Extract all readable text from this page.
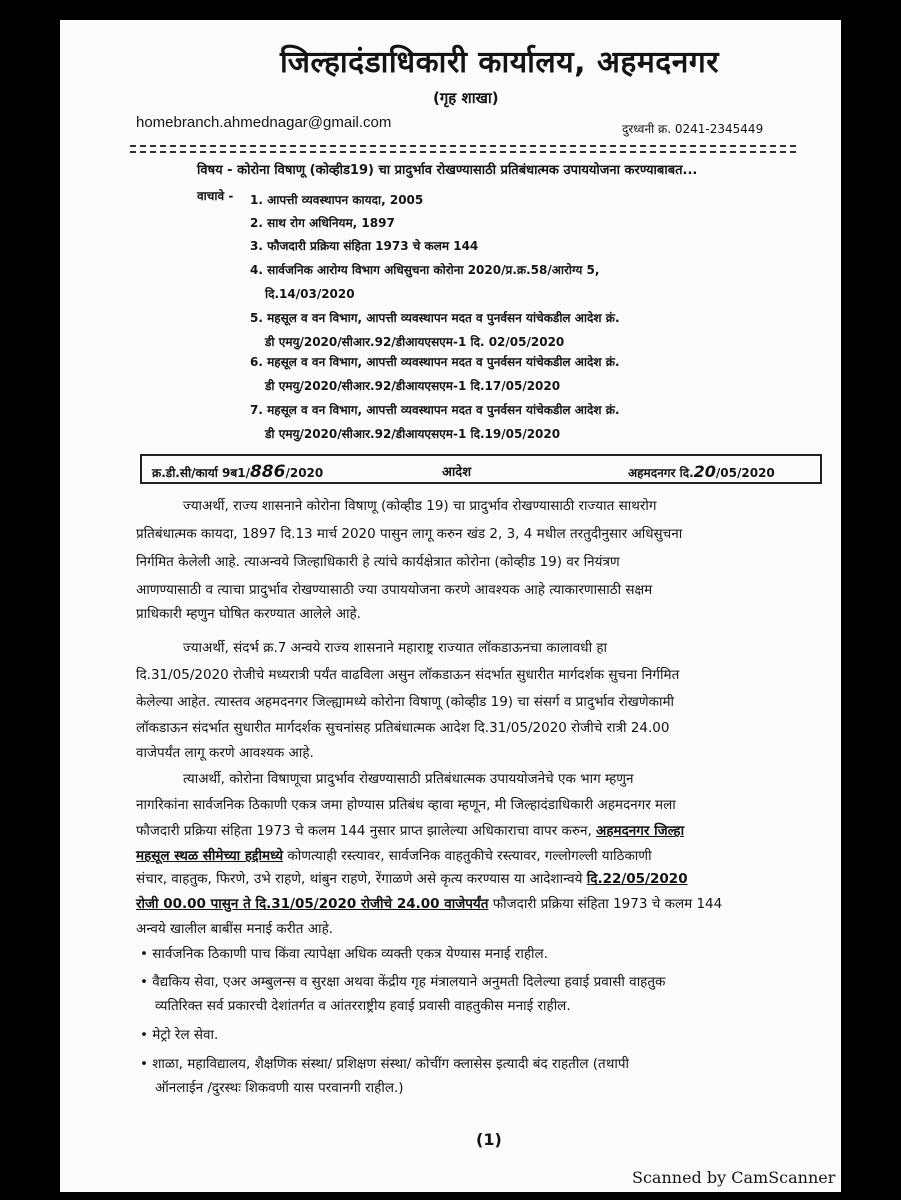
जिल्हादंडाधिकारी कार्यालय, अहमदनगर
(गृह शाखा)
homebranch.ahmednagar@gmail.com	दुरध्वनी क्र. 0241-2345449
विषय - कोरोना विषाणू (कोव्हीड19) चा प्रादुर्भाव रोखण्यासाठी प्रतिबंधात्मक उपाययोजना करण्याबाबत...
वाचावे - 1. आपत्ती व्यवस्थापन कायदा, 2005
2. साथ रोग अधिनियम, 1897
3. फौजदारी प्रक्रिया संहिता 1973 चे कलम 144
4. सार्वजनिक आरोग्य विभाग अधिसुचना कोरोना 2020/प्र.क्र.58/आरोग्य 5,
दि.14/03/2020
5. महसूल व वन विभाग, आपत्ती व्यवस्थापन मदत व पुनर्वसन यांचेकडील आदेश क्रं.
डी एमयु/2020/सीआर.92/डीआयएसएम-1 दि. 02/05/2020
6. महसूल व वन विभाग, आपत्ती व्यवस्थापन मदत व पुनर्वसन यांचेकडील आदेश क्रं.
डी एमयु/2020/सीआर.92/डीआयएसएम-1 दि.17/05/2020
7. महसूल व वन विभाग, आपत्ती व्यवस्थापन मदत व पुनर्वसन यांचेकडील आदेश क्रं.
डी एमयु/2020/सीआर.92/डीआयएसएम-1 दि.19/05/2020
क्र.डी.सी/कार्या 9ब1/886/2020	आदेश	अहमदनगर दि.20/05/2020
ज्याअर्थी, राज्य शासनाने कोरोना विषाणू (कोव्हीड 19) चा प्रादुर्भाव रोखण्यासाठी राज्यात साथरोग
प्रतिबंधात्मक कायदा, 1897 दि.13 मार्च 2020 पासुन लागू करुन खंड 2, 3, 4 मधील तरतुदीनुसार अधिसुचना
निर्गमित केलेली आहे. त्याअन्वये जिल्हाधिकारी हे त्यांचे कार्यक्षेत्रात कोरोना (कोव्हीड 19) वर नियंत्रण
आणण्यासाठी व त्याचा प्रादुर्भाव रोखण्यासाठी ज्या उपाययोजना करणे आवश्यक आहे त्याकारणासाठी सक्षम
प्राधिकारी म्हणुन घोषित करण्यात आलेले आहे.
ज्याअर्थी, संदर्भ क्र.7 अन्वये राज्य शासनाने महाराष्ट्र राज्यात लॉकडाऊनचा कालावधी हा
दि.31/05/2020 रोजीचे मध्यरात्री पर्यंत वाढविला असुन लॉकडाऊन संदर्भात सुधारीत मार्गदर्शक सुचना निर्गमित
केलेल्या आहेत. त्यास्तव अहमदनगर जिल्ह्यामध्ये कोरोना विषाणू (कोव्हीड 19) चा संसर्ग व प्रादुर्भाव रोखणेकामी
लॉकडाऊन संदर्भात सुधारीत मार्गदर्शक सुचनांसह प्रतिबंधात्मक आदेश दि.31/05/2020 रोजीचे रात्री 24.00
वाजेपर्यंत लागू करणे आवश्यक आहे.
त्याअर्थी, कोरोना विषाणूचा प्रादुर्भाव रोखण्यासाठी प्रतिबंधात्मक उपाययोजनेचे एक भाग म्हणुन
नागरिकांना सार्वजनिक ठिकाणी एकत्र जमा होण्यास प्रतिबंध व्हावा म्हणून, मी जिल्हादंडाधिकारी अहमदनगर मला
फौजदारी प्रक्रिया संहिता 1973 चे कलम 144 नुसार प्राप्त झालेल्या अधिकाराचा वापर करुन, अहमदनगर जिल्हा
महसूल स्थळ सीमेच्या हद्दीमध्ये कोणत्याही रस्त्यावर, सार्वजनिक वाहतुकीचे रस्त्यावर, गल्लोगल्ली याठिकाणी
संचार, वाहतुक, फिरणे, उभे राहणे, थांबुन राहणे, रेंगाळणे असे कृत्य करण्यास या आदेशान्वये दि.22/05/2020
रोजी 00.00 पासुन ते दि.31/05/2020 रोजीचे 24.00 वाजेपर्यंत फौजदारी प्रक्रिया संहिता 1973 चे कलम 144
अन्वये खालील बाबींस मनाई करीत आहे.
• सार्वजनिक ठिकाणी पाच किंवा त्यापेक्षा अधिक व्यक्ती एकत्र येण्यास मनाई राहील.
• वैद्यकिय सेवा, एअर अम्बुलन्स व सुरक्षा अथवा केंद्रीय गृह मंत्रालयाने अनुमती दिलेल्या हवाई प्रवासी वाहतुक
व्यतिरिक्त सर्व प्रकारची देशांतर्गत व आंतरराष्ट्रीय हवाई प्रवासी वाहतुकीस मनाई राहील.
• मेट्रो रेल सेवा.
• शाळा, महाविद्यालय, शैक्षणिक संस्था/ प्रशिक्षण संस्था/ कोचींग क्लासेस इत्यादी बंद राहतील (तथापी
ऑनलाईन /दुरस्थः शिकवणी यास परवानगी राहील.)
(1)
Scanned by CamScanner
